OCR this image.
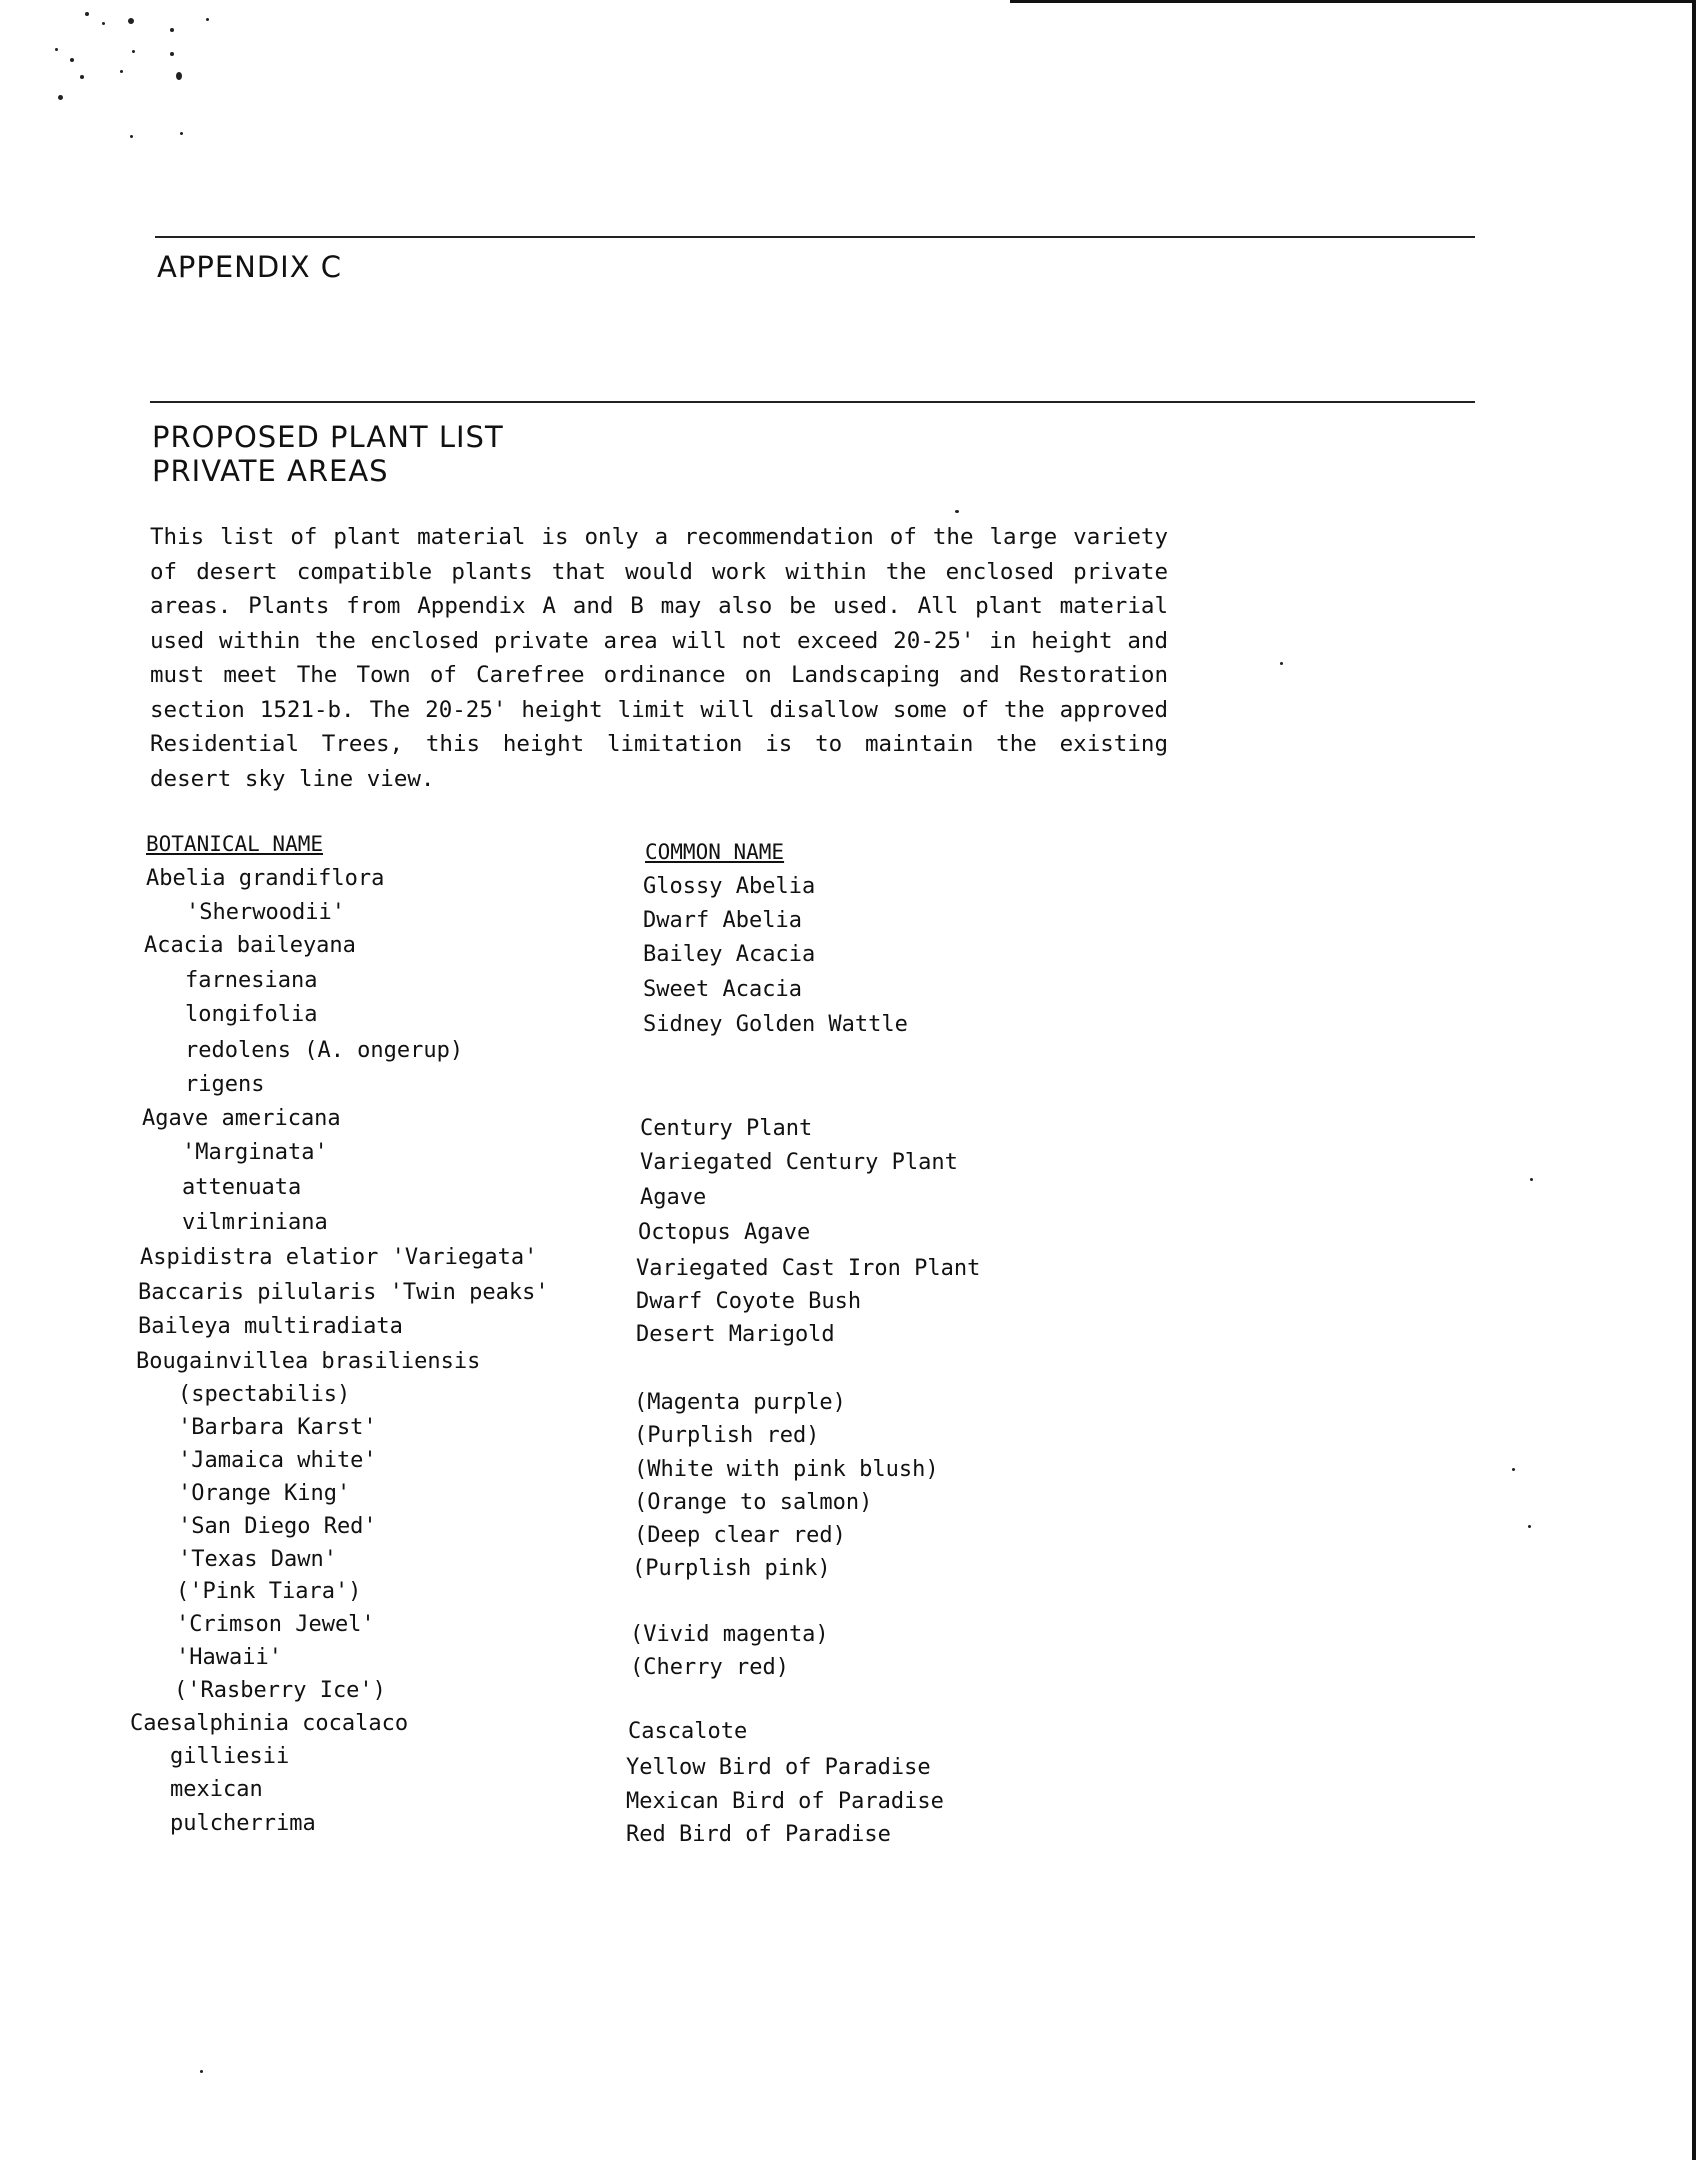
APPENDIX C
PROPOSED PLANT LIST
PRIVATE AREAS
This list of plant material is only a recommendation of the large variety of desert compatible plants that would work within the enclosed private areas. Plants from Appendix A and B may also be used. All plant material used within the enclosed private area will not exceed 20-25' in height and must meet The Town of Carefree ordinance on Landscaping and Restoration section 1521-b. The 20-25' height limit will disallow some of the approved Residential Trees, this height limitation is to maintain the existing desert sky line view.
BOTANICAL NAME	COMMON NAME
Abelia grandiflora
'Sherwoodii'
Acacia baileyana
farnesiana
longifolia
redolens (A. ongerup)
rigens
Agave americana
'Marginata'
attenuata
vilmriniana
Aspidistra elatior 'Variegata'
Baccaris pilularis 'Twin peaks'
Baileya multiradiata
Bougainvillea brasiliensis
(spectabilis)
'Barbara Karst'
'Jamaica white'
'Orange King'
'San Diego Red'
'Texas Dawn'
('Pink Tiara')
'Crimson Jewel'
'Hawaii'
('Rasberry Ice')
Caesalphinia cocalaco
gilliesii
mexican
pulcherrima
Glossy Abelia
Dwarf Abelia
Bailey Acacia
Sweet Acacia
Sidney Golden Wattle
Century Plant
Variegated Century Plant
Agave
Octopus Agave
Variegated Cast Iron Plant
Dwarf Coyote Bush
Desert Marigold
(Magenta purple)
(Purplish red)
(White with pink blush)
(Orange to salmon)
(Deep clear red)
(Purplish pink)
(Vivid magenta)
(Cherry red)
Cascalote
Yellow Bird of Paradise
Mexican Bird of Paradise
Red Bird of Paradise
